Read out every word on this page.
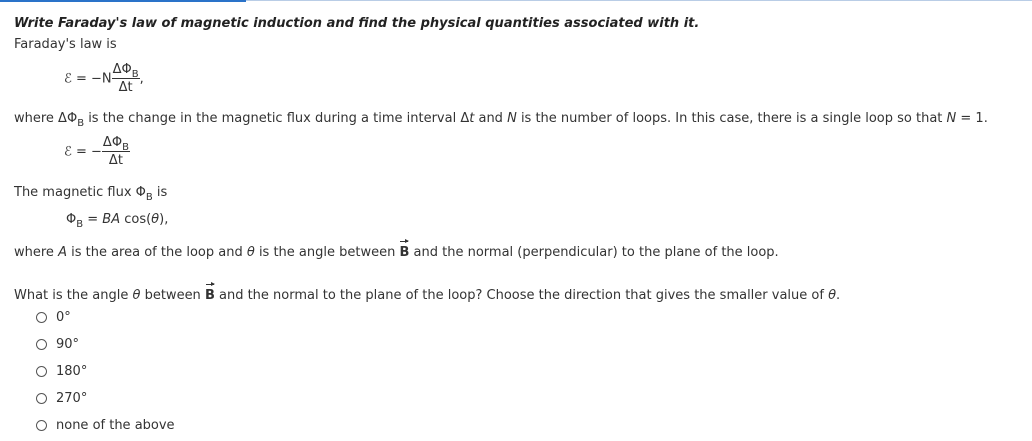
Write Faraday's law of magnetic induction and find the physical quantities associated with it.
Faraday's law is
ℰ = $-N \frac{\Delta\Phi_B}{\Delta t}$ ,
where $\Delta\Phi_B$ is the change in the magnetic flux during a time interval Δt and N is the number of loops. In this case, there is a single loop so that N = 1.
ℰ = − $\frac{\Delta\Phi_B}{\Delta t}$
The magnetic flux $\Phi_B$ is
$\Phi_B$ = BA cos(θ),
where A is the area of the loop and θ is the angle between B and the normal (perpendicular) to the plane of the loop.
What is the angle θ between B and the normal to the plane of the loop? Choose the direction that gives the smaller value of θ.
0°
90°
180°
270°
none of the above
